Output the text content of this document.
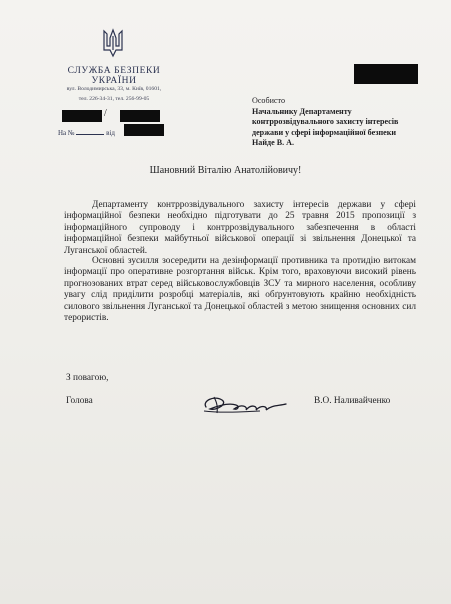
СЛУЖБА БЕЗПЕКИ УКРАЇНИ
вул. Володимирська, 33, м. Київ, 01601,
тел. 226-34-31, тел. 256-99-05
/
На №	від
Особисто
Начальнику Департаменту
контррозвідувального захисту інтересів
держави у сфері інформаційної безпеки
Найде В. А.
Шановний Віталію Анатолійовичу!
Департаменту контррозвідувального захисту інтересів держави у сфері інформаційної безпеки необхідно підготувати до 25 травня 2015 пропозиції з інформаційного супроводу і контррозвідувального забезпечення в області інформаційної безпеки майбутньої військової операції зі звільнення Донецької та Луганської областей.
Основні зусилля зосередити на дезінформації противника та протидію витокам інформації про оперативне розгортання військ. Крім того, враховуючи високий рівень прогнозованих втрат серед військовослужбовців ЗСУ та мирного населення, особливу увагу слід приділити розробці матеріалів, які обґрунтовують крайню необхідність силового звільнення Луганської та Донецької областей з метою знищення основних сил терористів.
З повагою,
Голова	В.О. Наливайченко
